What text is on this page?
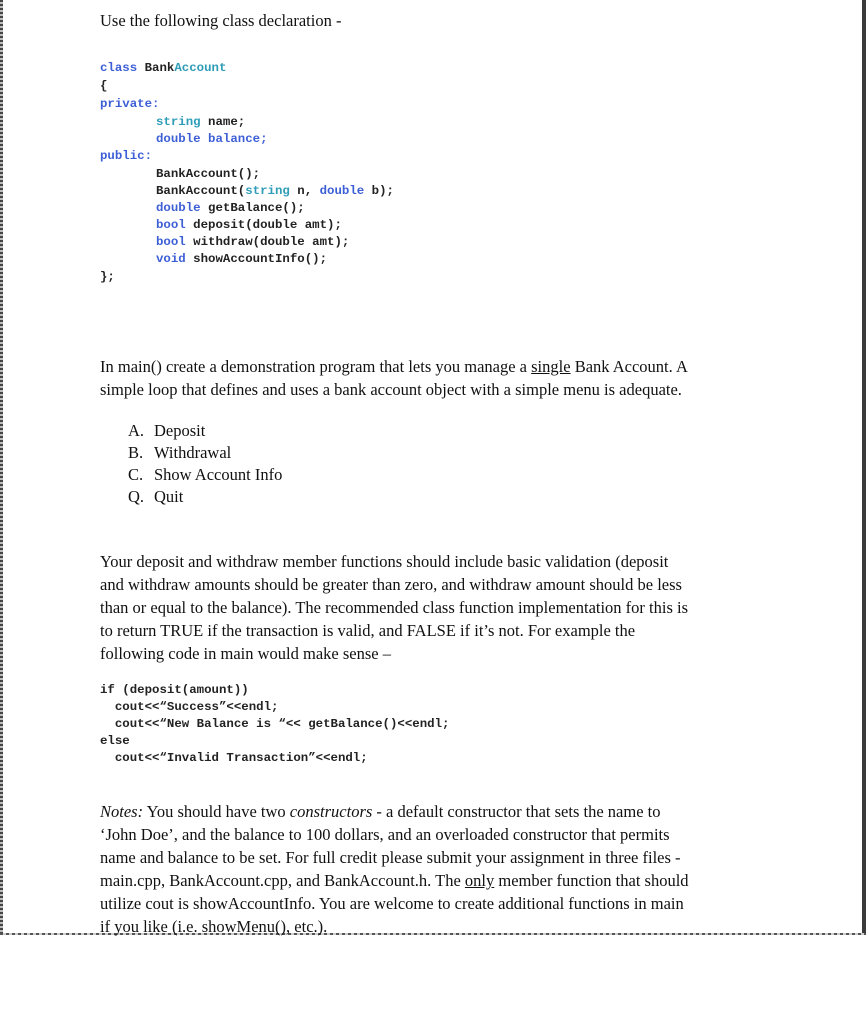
Use the following class declaration -
class BankAccount
{
private:
string name;
double balance;
public:
BankAccount();
BankAccount(string n, double b);
double getBalance();
bool deposit(double amt);
bool withdraw(double amt);
void showAccountInfo();
};
In main() create a demonstration program that lets you manage a single Bank Account. A
simple loop that defines and uses a bank account object with a simple menu is adequate.
A. Deposit
B. Withdrawal
C. Show Account Info
Q. Quit
Your deposit and withdraw member functions should include basic validation (deposit
and withdraw amounts should be greater than zero, and withdraw amount should be less
than or equal to the balance). The recommended class function implementation for this is
to return TRUE if the transaction is valid, and FALSE if it’s not. For example the
following code in main would make sense –
if (deposit(amount))
cout<<“Success”<<endl;
cout<<“New Balance is “<< getBalance()<<endl;
else
cout<<“Invalid Transaction”<<endl;
Notes: You should have two constructors - a default constructor that sets the name to
‘John Doe’, and the balance to 100 dollars, and an overloaded constructor that permits
name and balance to be set. For full credit please submit your assignment in three files -
main.cpp, BankAccount.cpp, and BankAccount.h. The only member function that should
utilize cout is showAccountInfo. You are welcome to create additional functions in main
if you like (i.e. showMenu(), etc.).
